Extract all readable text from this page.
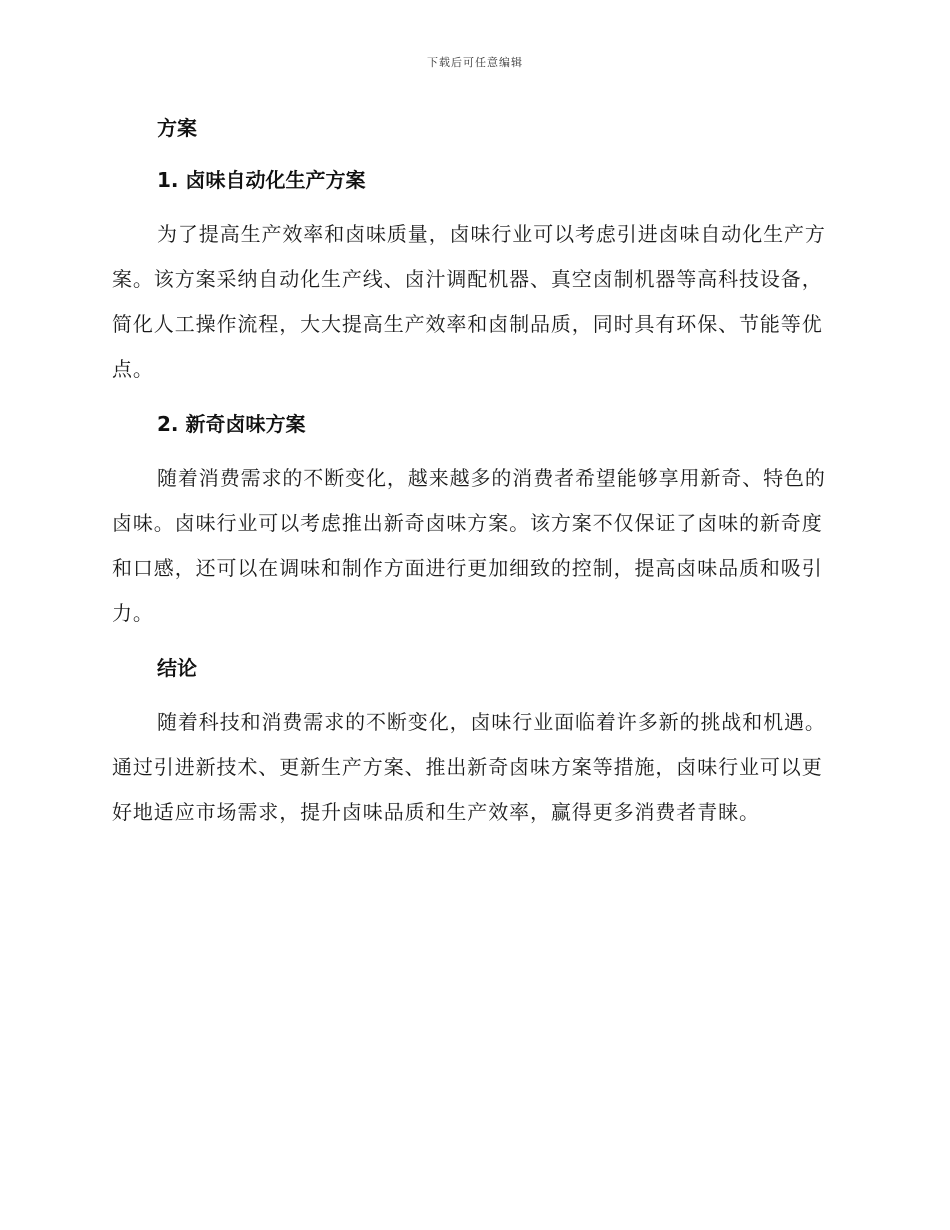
下载后可任意编辑
方案
1. 卤味自动化生产方案

为了提高生产效率和卤味质量，卤味行业可以考虑引进卤味自动化生产方案。该方案采纳自动化生产线、卤汁调配机器、真空卤制机器等高科技设备，简化人工操作流程，大大提高生产效率和卤制品质，同时具有环保、节能等优点。

2. 新奇卤味方案

随着消费需求的不断变化，越来越多的消费者希望能够享用新奇、特色的卤味。卤味行业可以考虑推出新奇卤味方案。该方案不仅保证了卤味的新奇度和口感，还可以在调味和制作方面进行更加细致的控制，提高卤味品质和吸引力。

结论

随着科技和消费需求的不断变化，卤味行业面临着许多新的挑战和机遇。通过引进新技术、更新生产方案、推出新奇卤味方案等措施，卤味行业可以更好地适应市场需求，提升卤味品质和生产效率，赢得更多消费者青睐。
